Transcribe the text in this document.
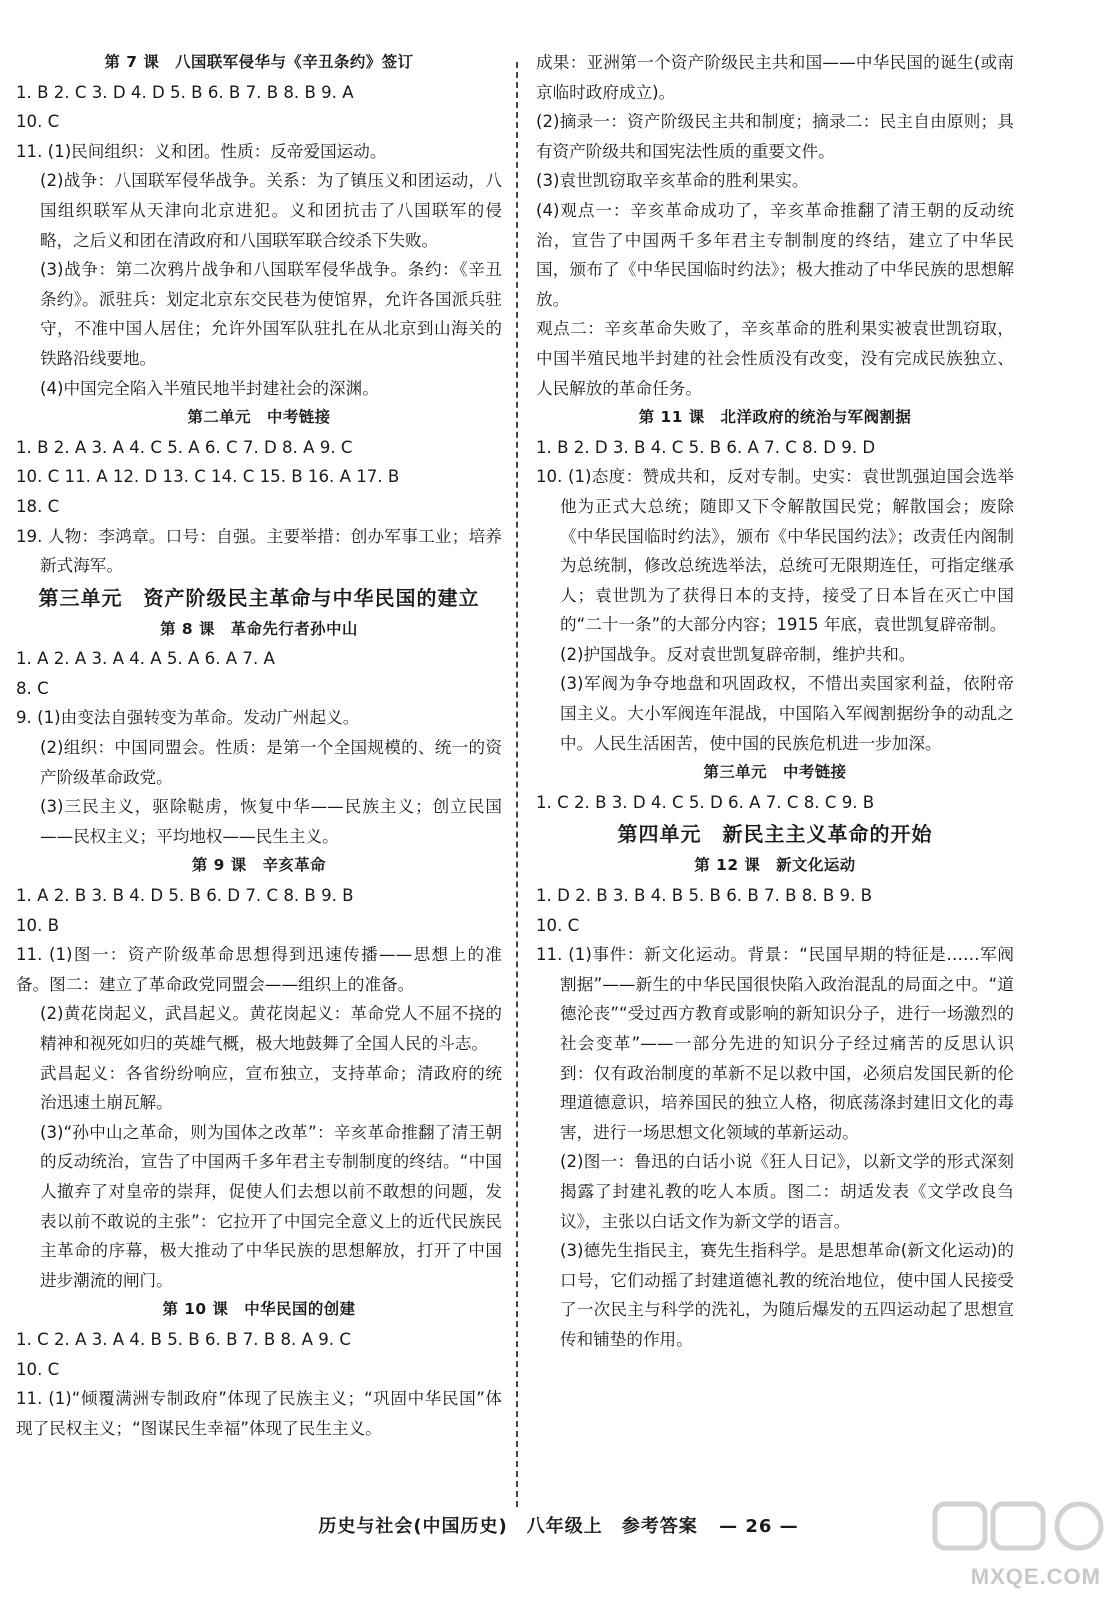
第 7 课　八国联军侵华与《辛丑条约》签订

1. B 2. C 3. D 4. D 5. B 6. B 7. B 8. B 9. A

10. C

11. (1)民间组织：义和团。性质：反帝爱国运动。

(2)战争：八国联军侵华战争。关系：为了镇压义和团运动，八国组织联军从天津向北京进犯。义和团抗击了八国联军的侵略，之后义和团在清政府和八国联军联合绞杀下失败。

(3)战争：第二次鸦片战争和八国联军侵华战争。条约：《辛丑条约》。派驻兵：划定北京东交民巷为使馆界，允许各国派兵驻守，不准中国人居住；允许外国军队驻扎在从北京到山海关的铁路沿线要地。

(4)中国完全陷入半殖民地半封建社会的深渊。

第二单元　中考链接

1. B 2. A 3. A 4. C 5. A 6. C 7. D 8. A 9. C

10. C 11. A 12. D 13. C 14. C 15. B 16. A 17. B

18. C

19. 人物：李鸿章。口号：自强。主要举措：创办军事工业；培养新式海军。

第三单元　资产阶级民主革命与中华民国的建立
第 8 课　革命先行者孙中山

1. A 2. A 3. A 4. A 5. A 6. A 7. A

8. C

9. (1)由变法自强转变为革命。发动广州起义。

(2)组织：中国同盟会。性质：是第一个全国规模的、统一的资产阶级革命政党。

(3)三民主义，驱除鞑虏，恢复中华——民族主义；创立民国——民权主义；平均地权——民生主义。

第 9 课　辛亥革命

1. A 2. B 3. B 4. D 5. B 6. D 7. C 8. B 9. B

10. B

11. (1)图一：资产阶级革命思想得到迅速传播——思想上的准备。图二：建立了革命政党同盟会——组织上的准备。

(2)黄花岗起义，武昌起义。黄花岗起义：革命党人不屈不挠的精神和视死如归的英雄气概，极大地鼓舞了全国人民的斗志。

武昌起义：各省纷纷响应，宣布独立，支持革命；清政府的统治迅速土崩瓦解。

(3)“孙中山之革命，则为国体之改革”：辛亥革命推翻了清王朝的反动统治，宣告了中国两千多年君主专制制度的终结。“中国人撤弃了对皇帝的崇拜，促使人们去想以前不敢想的问题，发表以前不敢说的主张”：它拉开了中国完全意义上的近代民族民主革命的序幕，极大推动了中华民族的思想解放，打开了中国进步潮流的闸门。

第 10 课　中华民国的创建

1. C 2. A 3. A 4. B 5. B 6. B 7. B 8. A 9. C

10. C

11. (1)“倾覆满洲专制政府”体现了民族主义；“巩固中华民国”体现了民权主义；“图谋民生幸福”体现了民生主义。

成果：亚洲第一个资产阶级民主共和国——中华民国的诞生(或南京临时政府成立)。

(2)摘录一：资产阶级民主共和制度；摘录二：民主自由原则；具有资产阶级共和国宪法性质的重要文件。

(3)袁世凯窃取辛亥革命的胜利果实。

(4)观点一：辛亥革命成功了，辛亥革命推翻了清王朝的反动统治，宣告了中国两千多年君主专制制度的终结，建立了中华民国，颁布了《中华民国临时约法》；极大推动了中华民族的思想解放。

观点二：辛亥革命失败了，辛亥革命的胜利果实被袁世凯窃取，中国半殖民地半封建的社会性质没有改变，没有完成民族独立、人民解放的革命任务。

第 11 课　北洋政府的统治与军阀割据

1. B 2. D 3. B 4. C 5. B 6. A 7. C 8. D 9. D

10. (1)态度：赞成共和，反对专制。史实：袁世凯强迫国会选举他为正式大总统；随即又下令解散国民党；解散国会；废除《中华民国临时约法》，颁布《中华民国约法》；改责任内阁制为总统制，修改总统选举法，总统可无限期连任，可指定继承人；袁世凯为了获得日本的支持，接受了日本旨在灭亡中国的“二十一条”的大部分内容；1915 年底，袁世凯复辟帝制。

(2)护国战争。反对袁世凯复辟帝制，维护共和。

(3)军阀为争夺地盘和巩固政权，不惜出卖国家利益，依附帝国主义。大小军阀连年混战，中国陷入军阀割据纷争的动乱之中。人民生活困苦，使中国的民族危机进一步加深。

第三单元　中考链接

1. C 2. B 3. D 4. C 5. D 6. A 7. C 8. C 9. B

第四单元　新民主主义革命的开始
第 12 课　新文化运动

1. D 2. B 3. B 4. B 5. B 6. B 7. B 8. B 9. B

10. C

11. (1)事件：新文化运动。背景：“民国早期的特征是……军阀割据”——新生的中华民国很快陷入政治混乱的局面之中。“道德沦丧”“受过西方教育或影响的新知识分子，进行一场激烈的社会变革”——一部分先进的知识分子经过痛苦的反思认识到：仅有政治制度的革新不足以救中国，必须启发国民新的伦理道德意识，培养国民的独立人格，彻底荡涤封建旧文化的毒害，进行一场思想文化领域的革新运动。

(2)图一：鲁迅的白话小说《狂人日记》，以新文学的形式深刻揭露了封建礼教的吃人本质。图二：胡适发表《文学改良刍议》，主张以白话文作为新文学的语言。

(3)德先生指民主，赛先生指科学。是思想革命(新文化运动)的口号，它们动摇了封建道德礼教的统治地位，使中国人民接受了一次民主与科学的洗礼，为随后爆发的五四运动起了思想宣传和铺垫的作用。

历史与社会(中国历史)　八年级上　参考答案 — 26 —
MXQE.COM
